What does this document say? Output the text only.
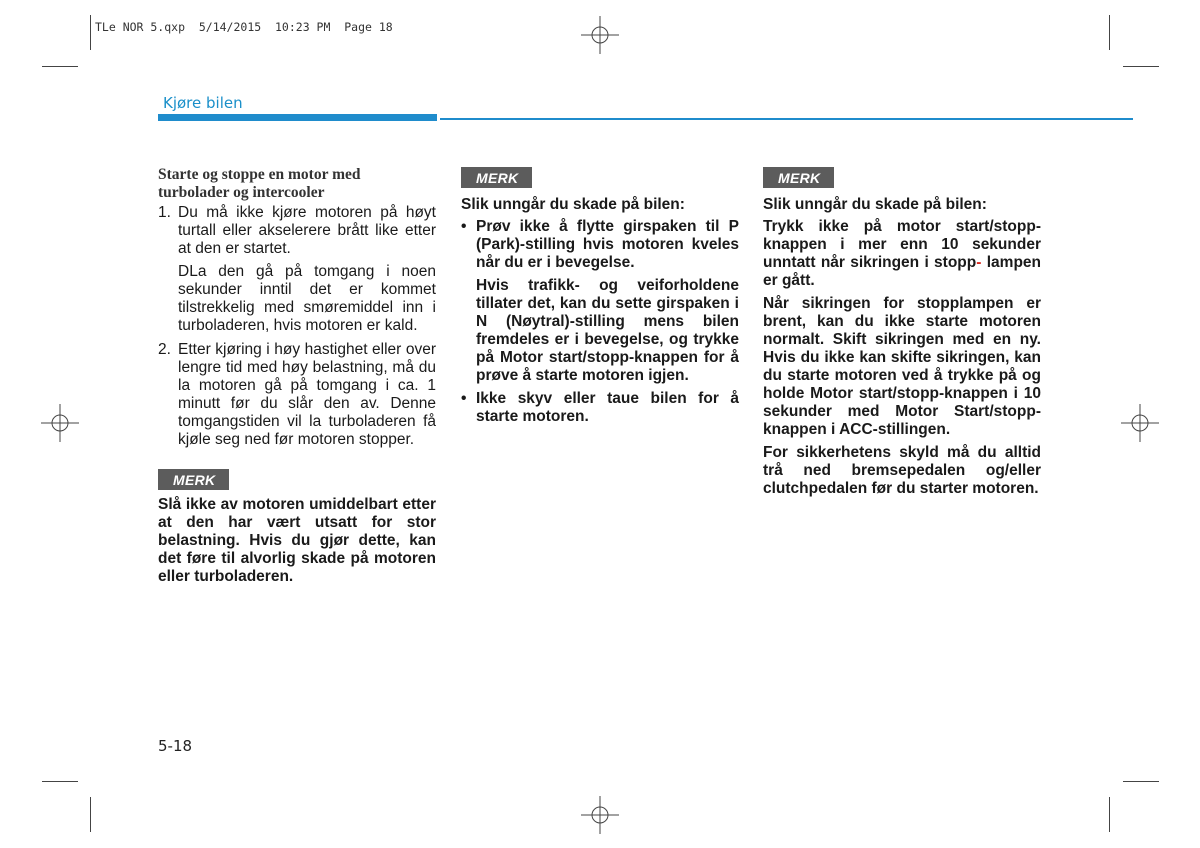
TLe NOR 5.qxp  5/14/2015  10:23 PM  Page 18
Kjøre bilen

Starte og stoppe en motor med
turbolader og intercooler

1. Du må ikke kjøre motoren på høyt turtall eller akselerere brått like etter at den er startet.

DLa den gå på tomgang i noen sekunder inntil det er kommet tilstrekkelig med smøremiddel inn i turboladeren, hvis motoren er kald.

2. Etter kjøring i høy hastighet eller over lengre tid med høy belastning, må du la motoren gå på tomgang i ca. 1 minutt før du slår den av. Denne tomgangstiden vil la turboladeren få kjøle seg ned før motoren stopper.
MERK

Slå ikke av motoren umiddelbart etter at den har vært utsatt for stor belastning. Hvis du gjør dette, kan det føre til alvorlig skade på motoren eller turboladeren.

MERK

Slik unngår du skade på bilen:

• Prøv ikke å flytte girspaken til P (Park)-stilling hvis motoren kveles når du er i bevegelse.

Hvis trafikk- og veiforholdene tillater det, kan du sette girspaken i N (Nøytral)-stilling mens bilen fremdeles er i bevegelse, og trykke på Motor start/stopp-knappen for å prøve å starte motoren igjen.

• Ikke skyv eller taue bilen for å starte motoren.
MERK

Slik unngår du skade på bilen:

Trykk ikke på motor start/stopp-knappen i mer enn 10 sekunder unntatt når sikringen i stopp- lampen er gått.

Når sikringen for stopplampen er brent, kan du ikke starte motoren normalt. Skift sikringen med en ny. Hvis du ikke kan skifte sikringen, kan du starte motoren ved å trykke på og holde Motor start/stopp-knappen i 10 sekunder med Motor Start/stopp-knappen i ACC-stillingen.

For sikkerhetens skyld må du alltid trå ned bremsepedalen og/eller clutchpedalen før du starter motoren.

5-18
